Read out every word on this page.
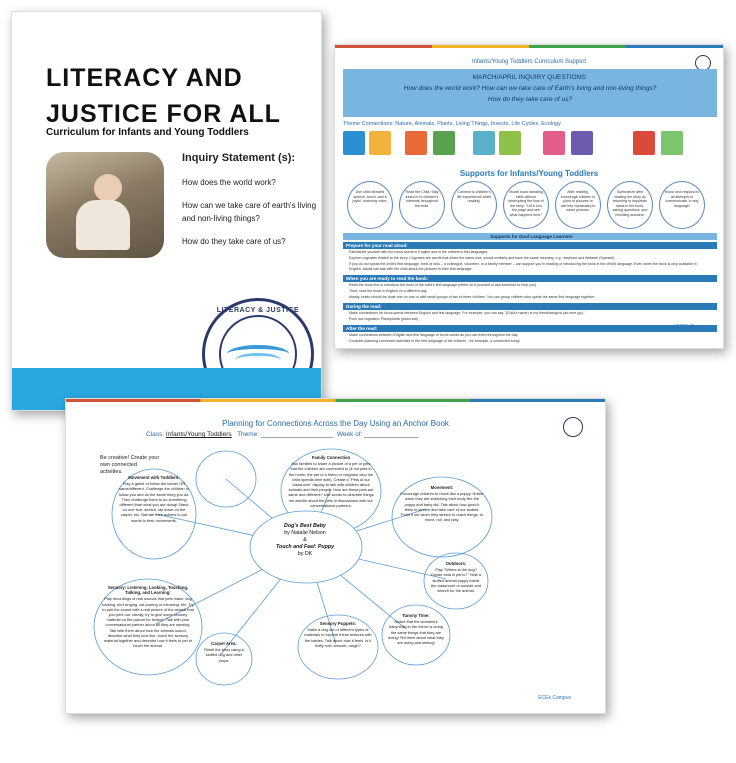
LITERACY AND JUSTICE FOR ALL
Curriculum for Infants and Young Toddlers
Inquiry Statement (s):

How does the world work?

How can we take care of earth's living and non-living things?

How do they take care of us?

LITERACY & JUSTICE
Infants/Young Toddlers Curriculum Support
MARCH/APRIL INQUIRY QUESTIONS:
How does the world work? How can we take care of Earth's living and non-living things?
How do they take care of us?
Theme Connections: Nature, Animals, Plants, Living Things, Insects, Life Cycles, Ecology
Supports for Infants/Young Toddlers
Use child directed speech, touch, and a joyful, nurturing voice.
Read the Child: Stay tuned in to children's interests throughout the read.
Connect to children's life experiences while reading.
Model book handling skills without interrupting the flow of the story: "Let's turn the page and see what happens next."
After reading, encourage children to point to pictures or use key vocabulary to name pictures.
Summarize after reading the story by returning to important ideas in the book, asking questions, and revisiting answers.
Honor and respond to all attempts to communicate, in any language!
Supports for Dual Language Learners
Prepare for your read aloud:
Familiarize yourself with the focus words in English and in the children's first languages.
Explore cognates related to the story. Cognates are words that share the same root, sound similarly and have the same meaning, e.g., elephant and elefante (Spanish).
If you do not speak the child's first language, think of who – a colleague, volunteer, or a family member – can support you in reading or introducing the book in the child's language. Even when the book is only available in English, adults can talk with the child about the pictures in their first language.
When you are ready to read the book:
Read the book first or introduce the book in the child's first language (either do it yourself or ask someone to help you).
Then, read the book in English on a different day.
Ideally, reads should be done one on one or with small groups of two to three children. You can group children who speak the same first language together.
During the read:
Make connections for focus words between English and first language. For example, you can say "(Child's name) is my friend/amigo/a (ah-mee-go)."
Point out cognates: Plant/planta (plahn-tah)
After the read:
Make connections between English and first language of focus words as you use them throughout the day.
Consider planning connected activities in the first language of the children - for example, a connected song!
ECEk Campus
Planning for Connections Across the Day Using an Anchor Book
Class: Infants/Young Toddlers Theme: ____________________ Week of: _______________
Be creative! Create your own connected activities.
Dog's Best Baby
by Natalie Nelson
&
Touch and Feel: Puppy
by DK
Family Connection
Ask families to share a picture of a pet or pets that the children are connected to (if not pets in the home, the pet of a friend or neighbor who the child spends time with). Create a "Pets of our classroom" display to talk with children about animals and their people. How are these pets are same and different? Use words to describe things we admire about the pets in discussions with our conversational partners.
Movement:
Encourage children to move like a puppy. Notice when they are stretching their body like the puppy and baby did. Talk about how good it feels to stretch and take care of our bodies. Point it out when they stretch to reach things, to move, roll, and play.
Outdoors:
Play "Where is the dog? Donde esta el perro?" Hide a stuffed animal puppy inside the classroom or outside and search for the animal.
Tummy Time:
Notice that the wonderful baby/child in the mirror is doing the same things that they are doing! Tell them about what they are doing and seeing!
Sensory Puppets:
Make a dog out of different types of materials to explore these textures with the babies. Talk about how it feels. Is it fluffy, soft, smooth, rough?
Carpet Area:
Retell the story using a stuffed dog and other props.
Sensory: Listening, Looking, Touching, Talking, and Learning:
Play recordings of real sounds that pets make: dog barking, bird singing, cat purring or meowing, etc. Try to pair the sound with a real picture of the animal that you print out. Ideally, try to give some sensory material on the picture for texture. Talk with your conversational partner about all they are sensing. Talk with them about how the animals sound, describe what they look like, touch the sensory material together and describe how it feels to pet or touch the animal.
Movement with Toddlers:
Play a game of follow the leader OR same/different. Challenge the children to follow you and do the same thing you do. Then challenge them to do something different than what you are doing! Stand on one foot, stretch, lay down on the carpet, etc. Narrate their actions to put words to their movements.
ECEk Campus
